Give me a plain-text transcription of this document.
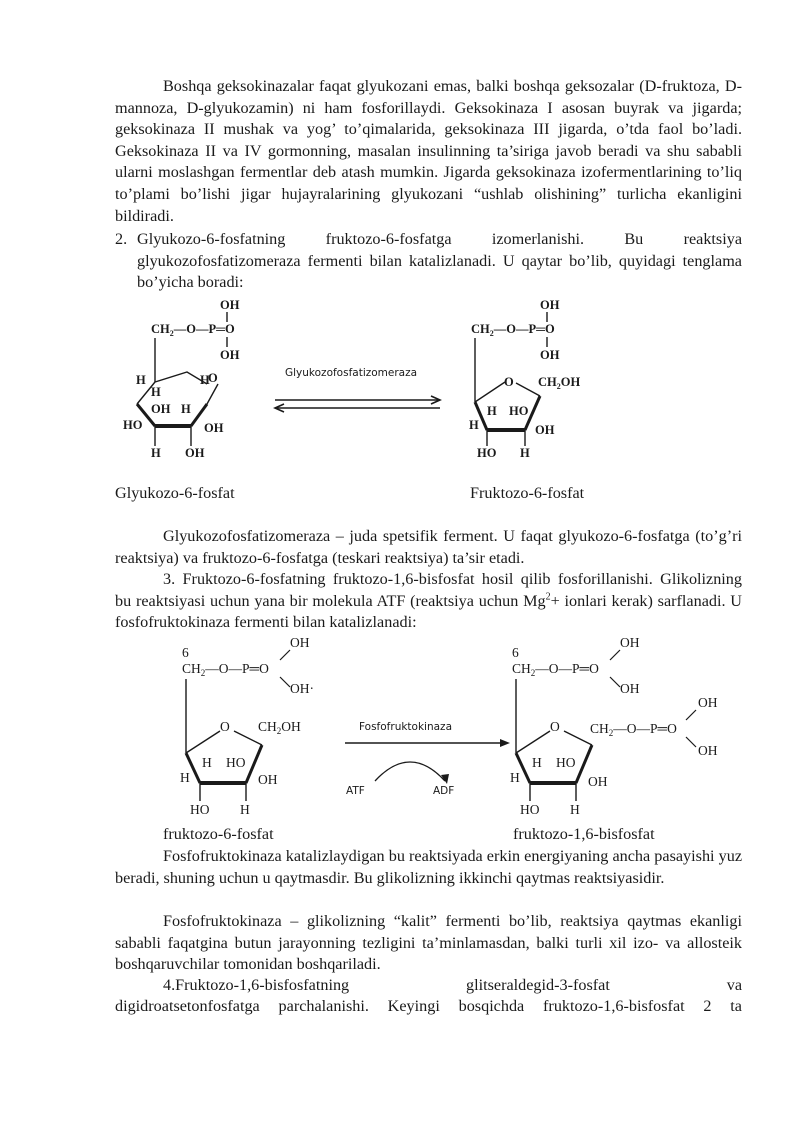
Boshqa geksokinazalar faqat glyukozani emas, balki boshqa geksozalar (D-fruktoza, D-mannoza, D-glyukozamin) ni ham fosforillaydi. Geksokinaza I asosan buyrak va jigarda; geksokinaza II mushak va yog’ to’qimalarida, geksokinaza III jigarda, o’tda faol bo’ladi. Geksokinaza II va IV gormonning, masalan insulinning ta’siriga javob beradi va shu sababli ularni moslashgan fermentlar deb atash mumkin. Jigarda geksokinaza izofermentlarining to’liq to’plami bo’lishi jigar hujayralarining glyukozani “ushlab olishining” turlicha ekanligini bildiradi.

2. Glyukozo-6-fosfatning fruktozo-6-fosfatga izomerlanishi. Bu reaktsiya glyukozofosfatizomeraza fermenti bilan katalizlanadi. U qaytar bo’lib, quyidagi tenglama bo’yicha boradi:
OH
$CH_2—O—P═O$
OH
O
H	H
H
OH H
HO	OH
H OH
Glyukozofosfatizomeraza
OH
$CH_2—O—P═O$
OH
O $CH_2OH$
H HO
H	OH
HO H
Glyukozo-6-fosfat	Fruktozo-6-fosfat

Glyukozofosfatizomeraza – juda spetsifik ferment. U faqat glyukozo-6-fosfatga (to’g’ri reaktsiya) va fruktozo-6-fosfatga (teskari reaktsiya) ta’sir etadi.

3. Fruktozo-6-fosfatning fruktozo-1,6-bisfosfat hosil qilib fosforillanishi. Glikolizning bu reaktsiyasi uchun yana bir molekula ATF (reaktsiya uchun $Mg^2+$ ionlari kerak) sarflanadi. U fosfofruktokinaza fermenti bilan katalizlanadi:

OH
6
$CH_2—O—P═O$
OH·
O $CH_2OH$
H HO
H	OH
HO H
Fosfofruktokinaza
ATF	ADF
OH
6
$CH_2—O—P═O$
OH
O $CH_2—O—P═O$
OH
OH
H HO
H	OH
HO H
fruktozo-6-fosfat	fruktozo-1,6-bisfosfat

Fosfofruktokinaza katalizlaydigan bu reaktsiyada erkin energiyaning ancha pasayishi yuz beradi, shuning uchun u qaytmasdir. Bu glikolizning ikkinchi qaytmas reaktsiyasidir.

Fosfofruktokinaza – glikolizning “kalit” fermenti bo’lib, reaktsiya qaytmas ekanligi sababli faqatgina butun jarayonning tezligini ta’minlamasdan, balki turli xil izo- va allosteik boshqaruvchilar tomonidan boshqariladi.

4.Fruktozo-1,6-bisfosfatning glitseraldegid-3-fosfat va

digidroatsetonfosfatga parchalanishi. Keyingi bosqichda fruktozo-1,6-bisfosfat 2 ta
